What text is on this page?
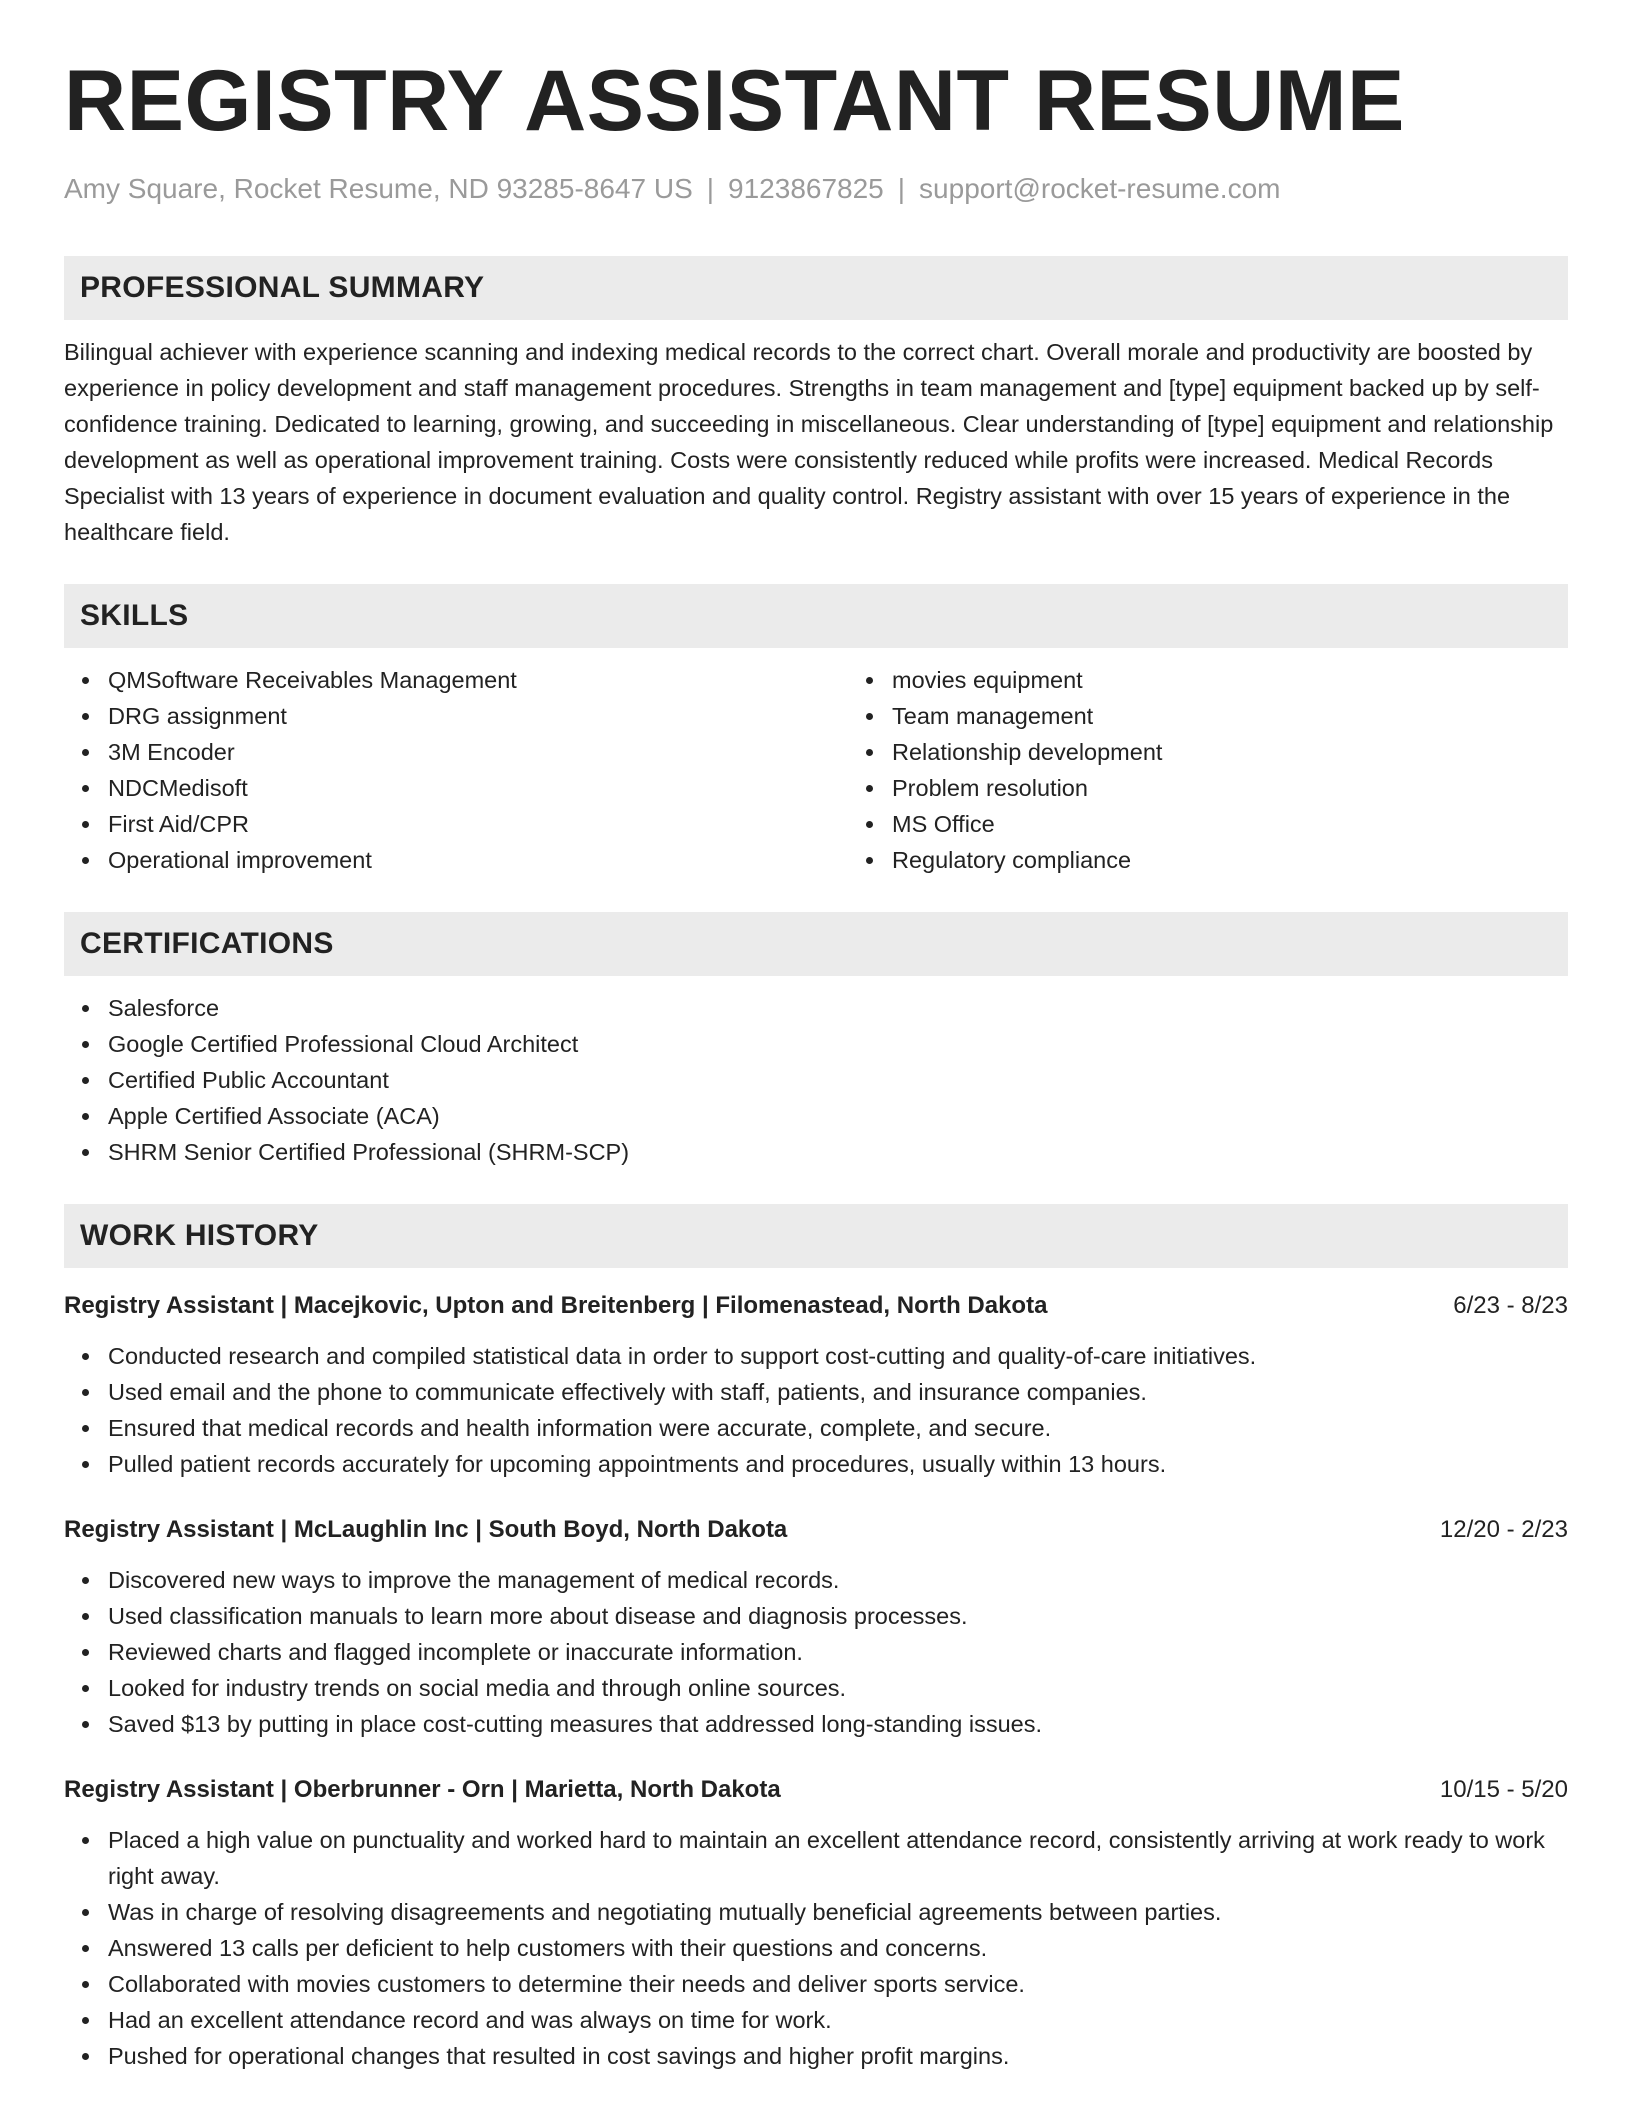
REGISTRY ASSISTANT RESUME
Amy Square, Rocket Resume, ND 93285-8647 US | 9123867825 | support@rocket-resume.com
PROFESSIONAL SUMMARY

Bilingual achiever with experience scanning and indexing medical records to the correct chart. Overall morale and productivity are boosted by experience in policy development and staff management procedures. Strengths in team management and [type] equipment backed up by self-confidence training. Dedicated to learning, growing, and succeeding in miscellaneous. Clear understanding of [type] equipment and relationship development as well as operational improvement training. Costs were consistently reduced while profits were increased. Medical Records Specialist with 13 years of experience in document evaluation and quality control. Registry assistant with over 15 years of experience in the healthcare field.

SKILLS
QMSoftware Receivables Management
DRG assignment
3M Encoder
NDCMedisoft
First Aid/CPR
Operational improvement
movies equipment
Team management
Relationship development
Problem resolution
MS Office
Regulatory compliance
CERTIFICATIONS
Salesforce
Google Certified Professional Cloud Architect
Certified Public Accountant
Apple Certified Associate (ACA)
SHRM Senior Certified Professional (SHRM-SCP)
WORK HISTORY
Registry Assistant | Macejkovic, Upton and Breitenberg | Filomenastead, North Dakota	6/23 - 8/23
Conducted research and compiled statistical data in order to support cost-cutting and quality-of-care initiatives.
Used email and the phone to communicate effectively with staff, patients, and insurance companies.
Ensured that medical records and health information were accurate, complete, and secure.
Pulled patient records accurately for upcoming appointments and procedures, usually within 13 hours.
Registry Assistant | McLaughlin Inc | South Boyd, North Dakota	12/20 - 2/23
Discovered new ways to improve the management of medical records.
Used classification manuals to learn more about disease and diagnosis processes.
Reviewed charts and flagged incomplete or inaccurate information.
Looked for industry trends on social media and through online sources.
Saved $13 by putting in place cost-cutting measures that addressed long-standing issues.
Registry Assistant | Oberbrunner - Orn | Marietta, North Dakota	10/15 - 5/20
Placed a high value on punctuality and worked hard to maintain an excellent attendance record, consistently arriving at work ready to work right away.
Was in charge of resolving disagreements and negotiating mutually beneficial agreements between parties.
Answered 13 calls per deficient to help customers with their questions and concerns.
Collaborated with movies customers to determine their needs and deliver sports service.
Had an excellent attendance record and was always on time for work.
Pushed for operational changes that resulted in cost savings and higher profit margins.
